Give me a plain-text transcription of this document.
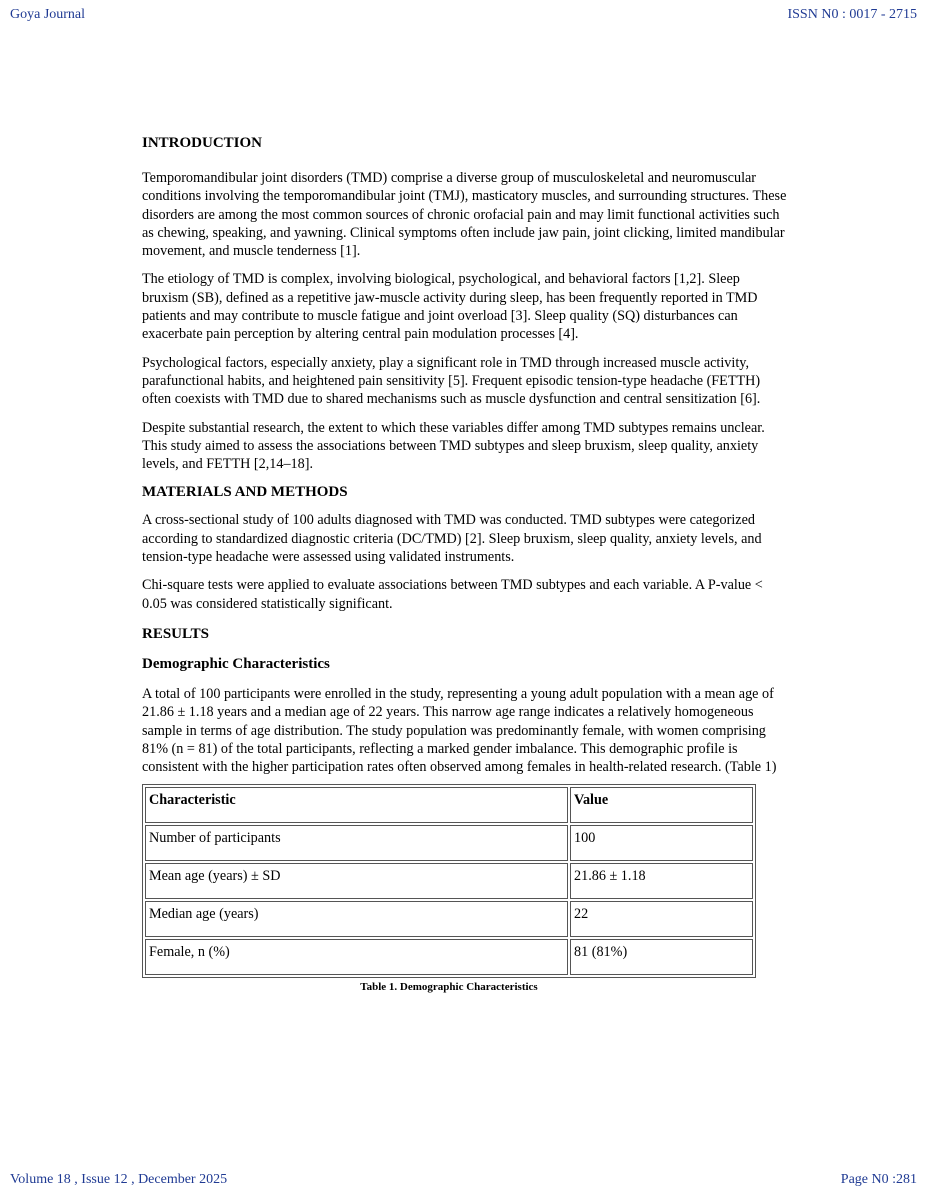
Goya Journal	ISSN N0 : 0017 - 2715
INTRODUCTION

Temporomandibular joint disorders (TMD) comprise a diverse group of musculoskeletal and neuromuscular conditions involving the temporomandibular joint (TMJ), masticatory muscles, and surrounding structures. These disorders are among the most common sources of chronic orofacial pain and may limit functional activities such as chewing, speaking, and yawning. Clinical symptoms often include jaw pain, joint clicking, limited mandibular movement, and muscle tenderness [1].

The etiology of TMD is complex, involving biological, psychological, and behavioral factors [1,2]. Sleep bruxism (SB), defined as a repetitive jaw-muscle activity during sleep, has been frequently reported in TMD patients and may contribute to muscle fatigue and joint overload [3]. Sleep quality (SQ) disturbances can exacerbate pain perception by altering central pain modulation processes [4].

Psychological factors, especially anxiety, play a significant role in TMD through increased muscle activity, parafunctional habits, and heightened pain sensitivity [5]. Frequent episodic tension-type headache (FETTH) often coexists with TMD due to shared mechanisms such as muscle dysfunction and central sensitization [6].

Despite substantial research, the extent to which these variables differ among TMD subtypes remains unclear. This study aimed to assess the associations between TMD subtypes and sleep bruxism, sleep quality, anxiety levels, and FETTH [2,14–18].

MATERIALS AND METHODS

A cross-sectional study of 100 adults diagnosed with TMD was conducted. TMD subtypes were categorized according to standardized diagnostic criteria (DC/TMD) [2]. Sleep bruxism, sleep quality, anxiety levels, and tension-type headache were assessed using validated instruments.

Chi-square tests were applied to evaluate associations between TMD subtypes and each variable. A P-value < 0.05 was considered statistically significant.

RESULTS
Demographic Characteristics

A total of 100 participants were enrolled in the study, representing a young adult population with a mean age of 21.86 ± 1.18 years and a median age of 22 years. This narrow age range indicates a relatively homogeneous sample in terms of age distribution. The study population was predominantly female, with women comprising 81% (n = 81) of the total participants, reflecting a marked gender imbalance. This demographic profile is consistent with the higher participation rates often observed among females in health-related research. (Table 1)

Characteristic	Value
Number of participants	100
Mean age (years) ± SD	21.86 ± 1.18
Median age (years)	22
Female, n (%)	81 (81%)
Table 1. Demographic Characteristics
Volume 18 , Issue 12 , December 2025	Page N0 :281
